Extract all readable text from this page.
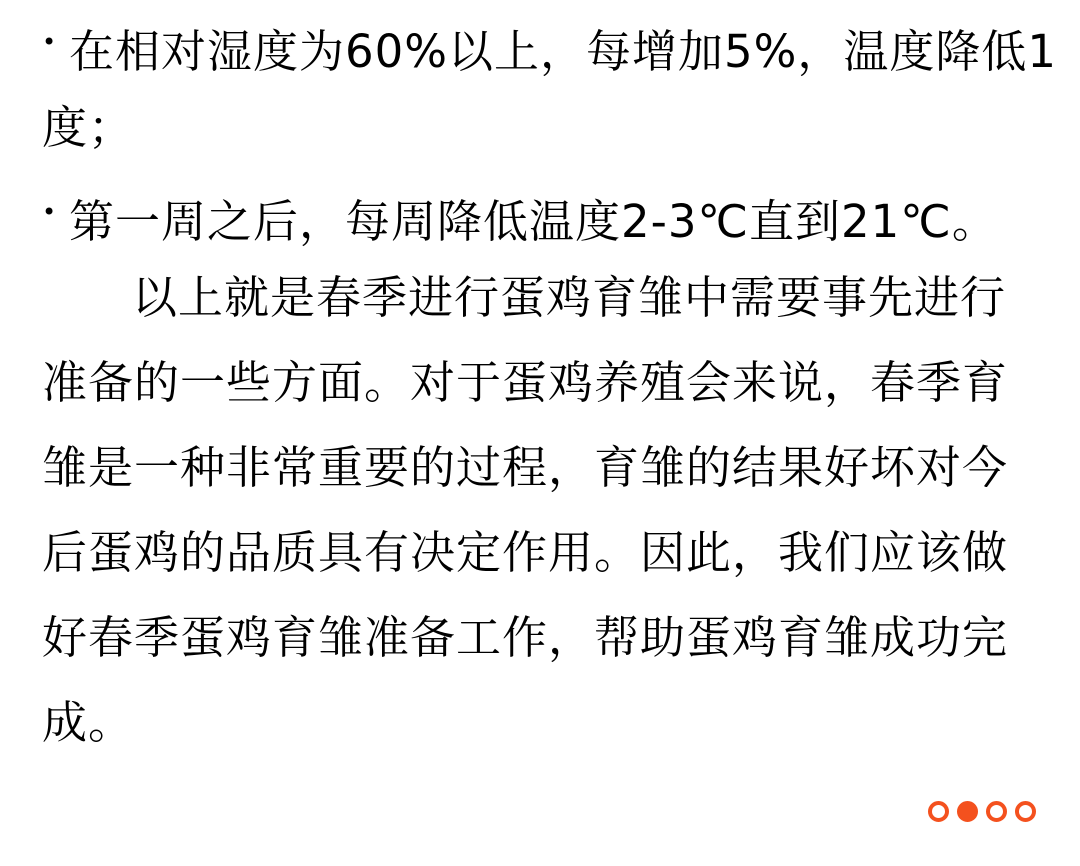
• 在相对湿度为60%以上，每增加5%，温度降低1
度；
• 第一周之后，每周降低温度2-3℃直到21℃。
以上就是春季进行蛋鸡育雏中需要事先进行
准备的一些方面。对于蛋鸡养殖会来说，春季育
雏是一种非常重要的过程，育雏的结果好坏对今
后蛋鸡的品质具有决定作用。因此，我们应该做
好春季蛋鸡育雏准备工作，帮助蛋鸡育雏成功完
成。
